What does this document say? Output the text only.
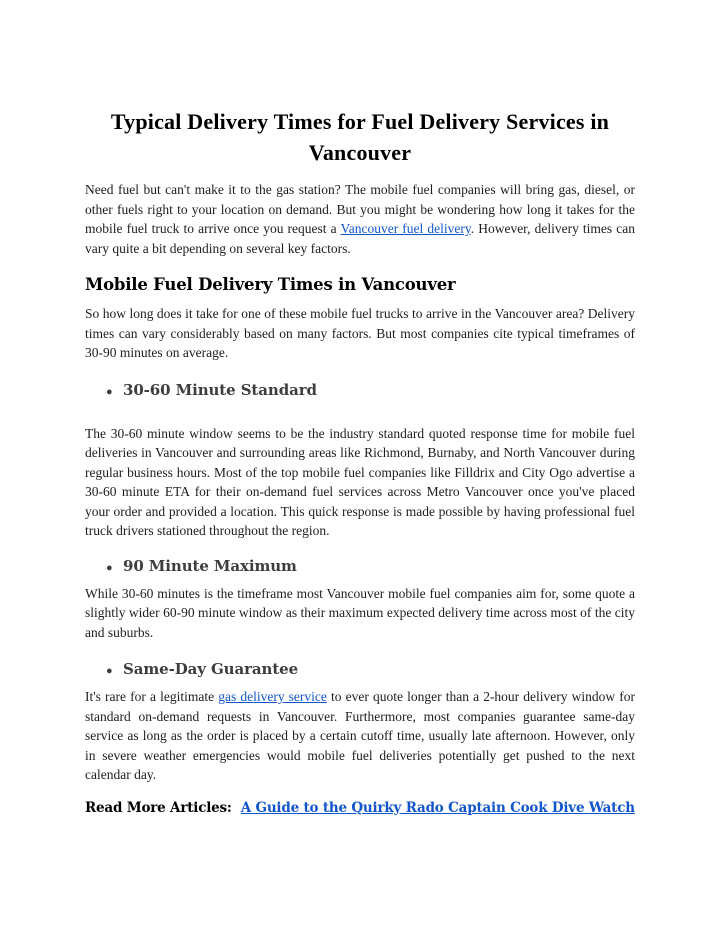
Typical Delivery Times for Fuel Delivery Services in Vancouver

Need fuel but can't make it to the gas station? The mobile fuel companies will bring gas, diesel, or other fuels right to your location on demand. But you might be wondering how long it takes for the mobile fuel truck to arrive once you request a Vancouver fuel delivery. However, delivery times can vary quite a bit depending on several key factors.

Mobile Fuel Delivery Times in Vancouver

So how long does it take for one of these mobile fuel trucks to arrive in the Vancouver area? Delivery times can vary considerably based on many factors. But most companies cite typical timeframes of 30-90 minutes on average.

● 30-60 Minute Standard

The 30-60 minute window seems to be the industry standard quoted response time for mobile fuel deliveries in Vancouver and surrounding areas like Richmond, Burnaby, and North Vancouver during regular business hours. Most of the top mobile fuel companies like Filldrix and City Ogo advertise a 30-60 minute ETA for their on-demand fuel services across Metro Vancouver once you've placed your order and provided a location. This quick response is made possible by having professional fuel truck drivers stationed throughout the region.

● 90 Minute Maximum

While 30-60 minutes is the timeframe most Vancouver mobile fuel companies aim for, some quote a slightly wider 60-90 minute window as their maximum expected delivery time across most of the city and suburbs.

● Same-Day Guarantee

It's rare for a legitimate gas delivery service to ever quote longer than a 2-hour delivery window for standard on-demand requests in Vancouver. Furthermore, most companies guarantee same-day service as long as the order is placed by a certain cutoff time, usually late afternoon. However, only in severe weather emergencies would mobile fuel deliveries potentially get pushed to the next calendar day.

Read More Articles: A Guide to the Quirky Rado Captain Cook Dive Watch
